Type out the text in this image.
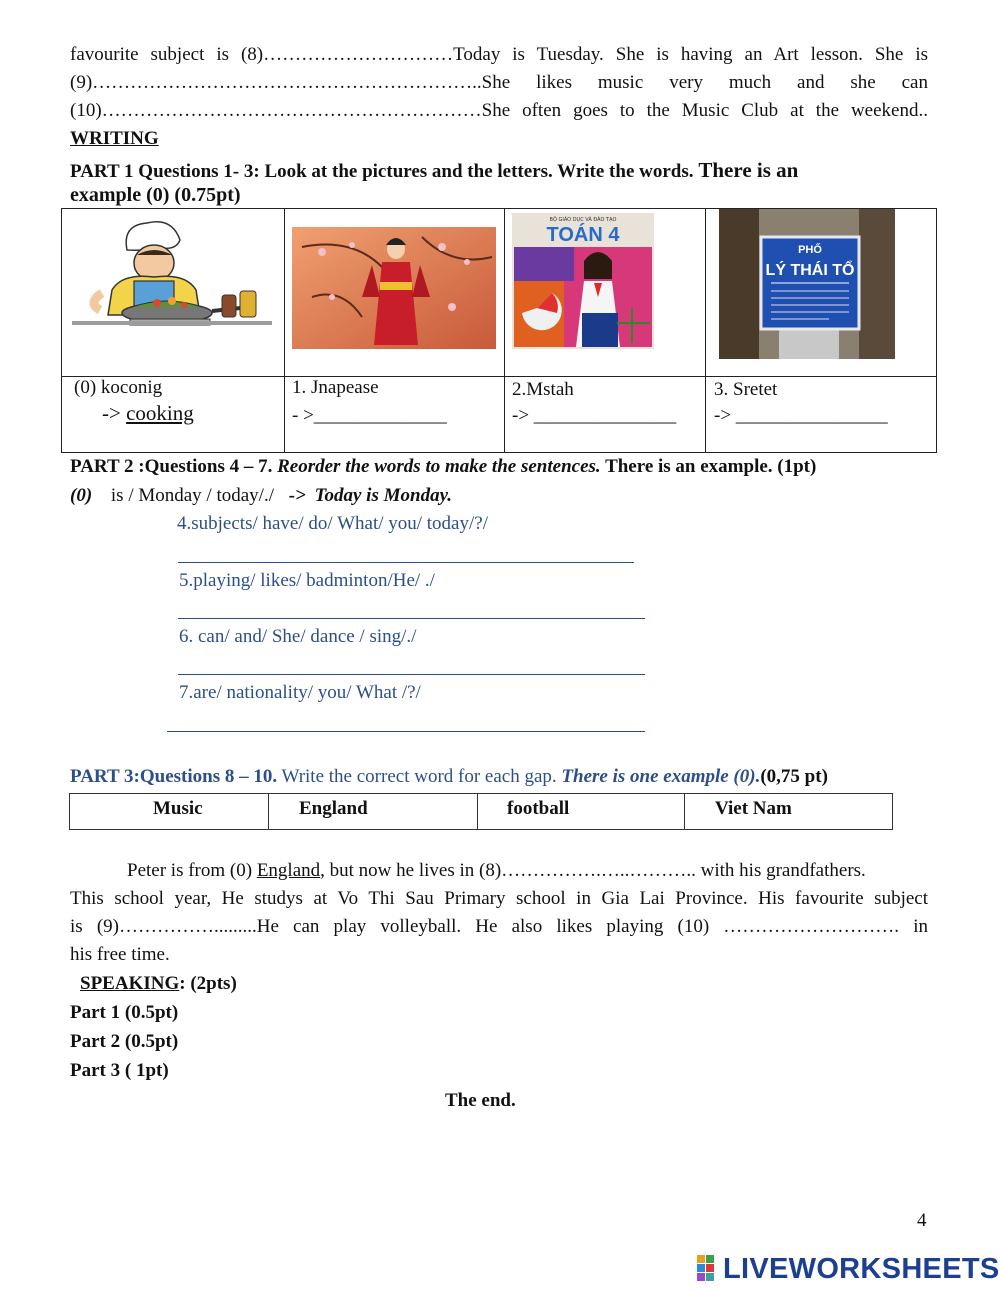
favourite subject is (8)…………………………Today is Tuesday. She is having an Art lesson. She is
(9)……………………………………………………..She likes music very much and she can
(10)……………………………………………………She often goes to the Music Club at the weekend..
WRITING
PART 1 Questions 1- 3: Look at the pictures and the letters. Write the words. There is an
example (0) (0.75pt)
BỘ GIÁO DỤC VÀ ĐÀO TẠO
TOÁN 4
PHỐ
LÝ THÁI TỔ
(0) koconig
-> cooking
1. Jnapease
- >______________
2.Mstah
-> _______________
3. Sretet
-> ________________
PART 2 :Questions 4 – 7. Reorder the words to make the sentences. There is an example. (1pt)
(0) is / Monday / today/./ -> Today is Monday.
4.subjects/ have/ do/ What/ you/ today/?/
5.playing/ likes/ badminton/He/ ./
6. can/ and/ She/ dance / sing/./
7.are/ nationality/ you/ What /?/
PART 3:Questions 8 – 10. Write the correct word for each gap. There is one example (0).(0,75 pt)
Music	England	football	Viet Nam
Peter is from (0) England, but now he lives in (8)…………….…..……….. with his grandfathers.
This school year, He studys at Vo Thi Sau Primary school in Gia Lai Province. His favourite subject
is (9)…………….........He can play volleyball. He also likes playing (10) ………………………. in
his free time.
SPEAKING: (2pts)
Part 1 (0.5pt)
Part 2 (0.5pt)
Part 3 ( 1pt)
The end.
4
LIVEWORKSHEETS
